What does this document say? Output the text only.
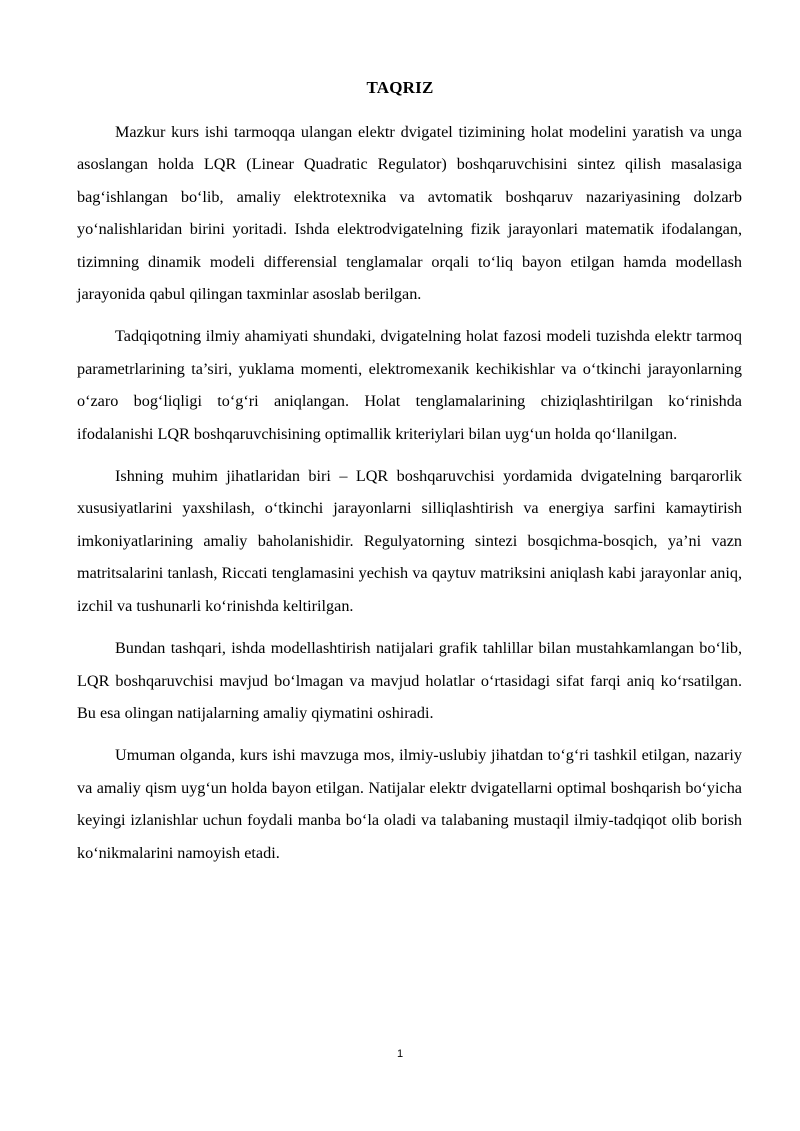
TAQRIZ

Mazkur kurs ishi tarmoqqa ulangan elektr dvigatel tizimining holat modelini yaratish va unga asoslangan holda LQR (Linear Quadratic Regulator) boshqaruvchisini sintez qilish masalasiga bag‘ishlangan bo‘lib, amaliy elektrotexnika va avtomatik boshqaruv nazariyasining dolzarb yo‘nalishlaridan birini yoritadi. Ishda elektrodvigatelning fizik jarayonlari matematik ifodalangan, tizimning dinamik modeli differensial tenglamalar orqali to‘liq bayon etilgan hamda modellash jarayonida qabul qilingan taxminlar asoslab berilgan.

Tadqiqotning ilmiy ahamiyati shundaki, dvigatelning holat fazosi modeli tuzishda elektr tarmoq parametrlarining ta’siri, yuklama momenti, elektromexanik kechikishlar va o‘tkinchi jarayonlarning o‘zaro bog‘liqligi to‘g‘ri aniqlangan. Holat tenglamalarining chiziqlashtirilgan ko‘rinishda ifodalanishi LQR boshqaruvchisining optimallik kriteriylari bilan uyg‘un holda qo‘llanilgan.

Ishning muhim jihatlaridan biri – LQR boshqaruvchisi yordamida dvigatelning barqarorlik xususiyatlarini yaxshilash, o‘tkinchi jarayonlarni silliqlashtirish va energiya sarfini kamaytirish imkoniyatlarining amaliy baholanishidir. Regulyatorning sintezi bosqichma-bosqich, ya’ni vazn matritsalarini tanlash, Riccati tenglamasini yechish va qaytuv matriksini aniqlash kabi jarayonlar aniq, izchil va tushunarli ko‘rinishda keltirilgan.

Bundan tashqari, ishda modellashtirish natijalari grafik tahlillar bilan mustahkamlangan bo‘lib, LQR boshqaruvchisi mavjud bo‘lmagan va mavjud holatlar o‘rtasidagi sifat farqi aniq ko‘rsatilgan. Bu esa olingan natijalarning amaliy qiymatini oshiradi.

Umuman olganda, kurs ishi mavzuga mos, ilmiy-uslubiy jihatdan to‘g‘ri tashkil etilgan, nazariy va amaliy qism uyg‘un holda bayon etilgan. Natijalar elektr dvigatellarni optimal boshqarish bo‘yicha keyingi izlanishlar uchun foydali manba bo‘la oladi va talabaning mustaqil ilmiy-tadqiqot olib borish ko‘nikmalarini namoyish etadi.

1
